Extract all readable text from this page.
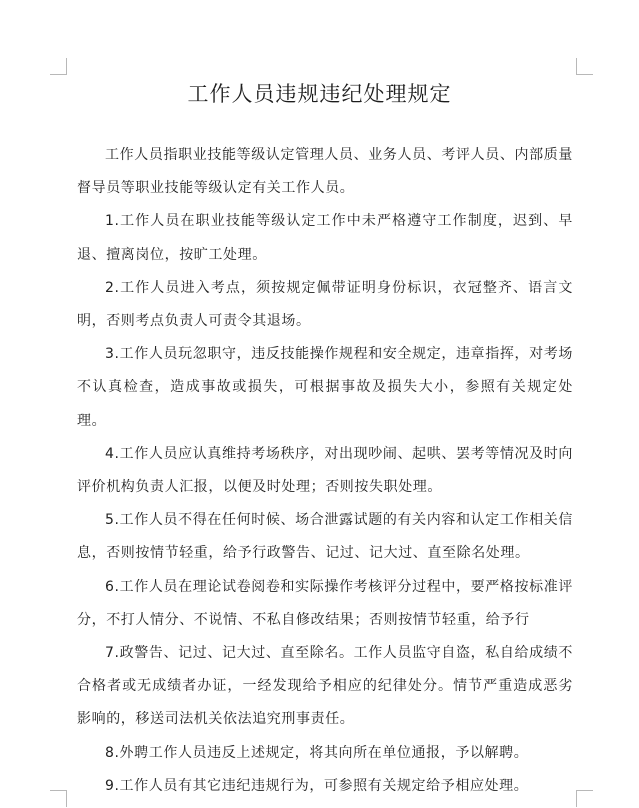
工作人员违规违纪处理规定

工作人员指职业技能等级认定管理人员、业务人员、考评人员、内部质量督导员等职业技能等级认定有关工作人员。

1.工作人员在职业技能等级认定工作中未严格遵守工作制度，迟到、早退、擅离岗位，按旷工处理。

2.工作人员进入考点，须按规定佩带证明身份标识，衣冠整齐、语言文明，否则考点负责人可责令其退场。

3.工作人员玩忽职守，违反技能操作规程和安全规定，违章指挥，对考场不认真检查，造成事故或损失，可根据事故及损失大小，参照有关规定处理。

4.工作人员应认真维持考场秩序，对出现吵闹、起哄、罢考等情况及时向评价机构负责人汇报，以便及时处理；否则按失职处理。

5.工作人员不得在任何时候、场合泄露试题的有关内容和认定工作相关信息，否则按情节轻重，给予行政警告、记过、记大过、直至除名处理。

6.工作人员在理论试卷阅卷和实际操作考核评分过程中，要严格按标准评分，不打人情分、不说情、不私自修改结果；否则按情节轻重，给予行

7.政警告、记过、记大过、直至除名。工作人员监守自盗，私自给成绩不合格者或无成绩者办证，一经发现给予相应的纪律处分。情节严重造成恶劣影响的，移送司法机关依法追究刑事责任。

8.外聘工作人员违反上述规定，将其向所在单位通报，予以解聘。

9.工作人员有其它违纪违规行为，可参照有关规定给予相应处理。
